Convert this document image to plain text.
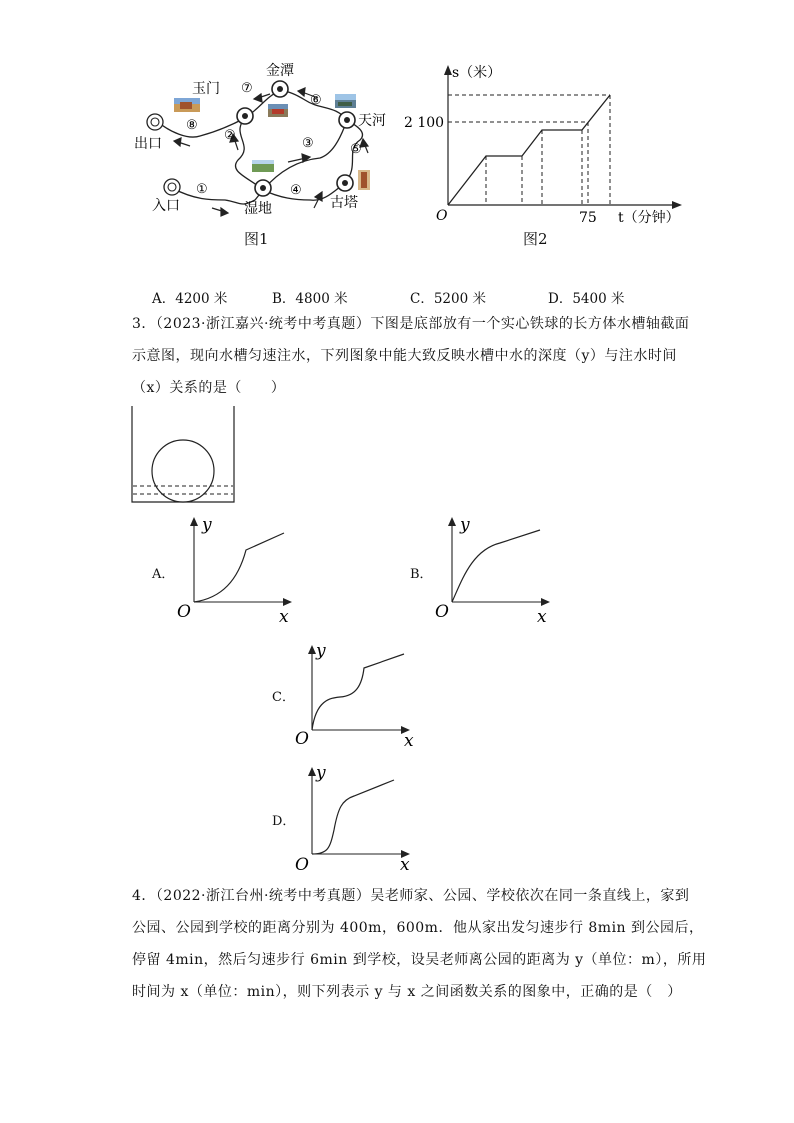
金潭
玉门
天河
出口
入口	湿地	古塔
①
②
③
④
⑤
⑥
⑦
⑧
图1
s（米）
2 100
O	75 t（分钟）
图2
A．4200 米	B．4800 米	C．5200 米	D．5400 米
3．（2023·浙江嘉兴·统考中考真题）下图是底部放有一个实心铁球的长方体水槽轴截面
示意图，现向水槽匀速注水，下列图象中能大致反映水槽中水的深度（y）与注水时间
（x）关系的是（　　）
A．
y
O	x
B．
y
O	x
C．
y
O	x
D．
y
O	x
4．（2022·浙江台州·统考中考真题）吴老师家、公园、学校依次在同一条直线上，家到
公园、公园到学校的距离分别为 400m，600m．他从家出发匀速步行 8min 到公园后，
停留 4min，然后匀速步行 6min 到学校，设吴老师离公园的距离为 y（单位：m），所用
时间为 x（单位：min），则下列表示 y 与 x 之间函数关系的图象中，正确的是（　）
